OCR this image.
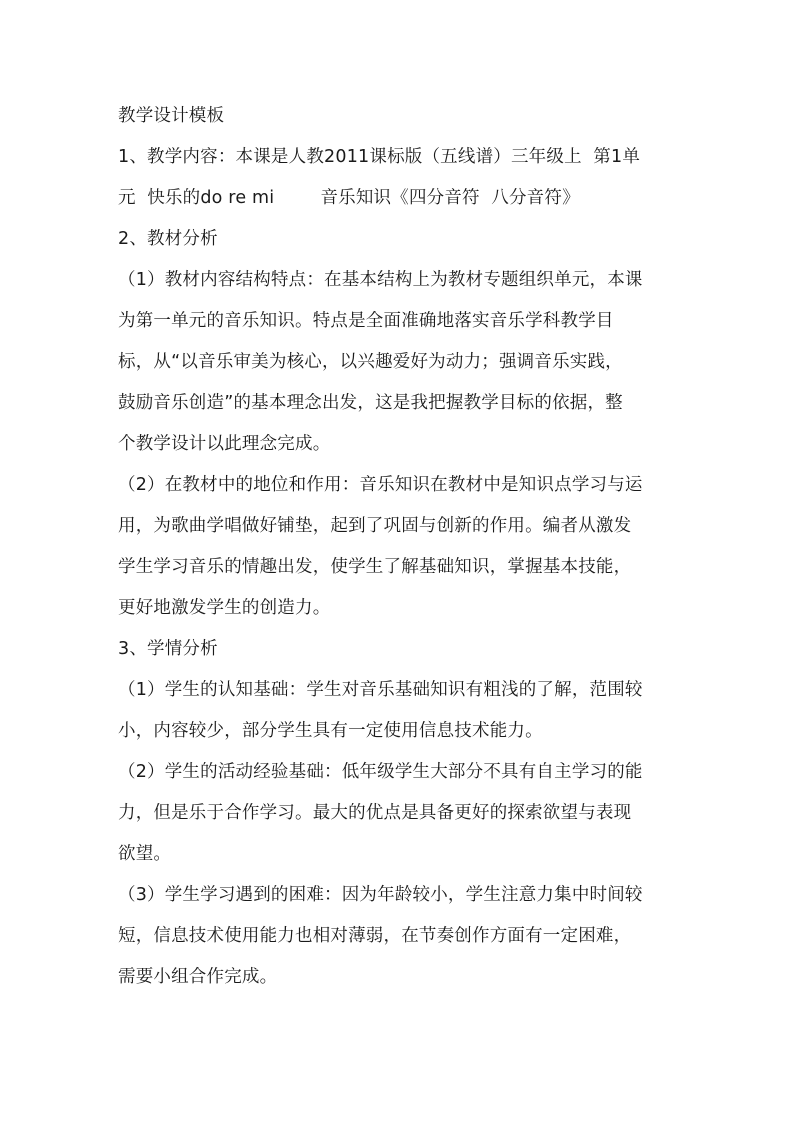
教学设计模板
1、教学内容：本课是人教2011课标版（五线谱）三年级上  第1单
元  快乐的do re mi        音乐知识《四分音符  八分音符》
2、教材分析
（1）教材内容结构特点：在基本结构上为教材专题组织单元，本课
为第一单元的音乐知识。特点是全面准确地落实音乐学科教学目
标，从“以音乐审美为核心，以兴趣爱好为动力；强调音乐实践，
鼓励音乐创造”的基本理念出发，这是我把握教学目标的依据，整
个教学设计以此理念完成。
（2）在教材中的地位和作用：音乐知识在教材中是知识点学习与运
用，为歌曲学唱做好铺垫，起到了巩固与创新的作用。编者从激发
学生学习音乐的情趣出发，使学生了解基础知识，掌握基本技能，
更好地激发学生的创造力。
3、学情分析
（1）学生的认知基础：学生对音乐基础知识有粗浅的了解，范围较
小，内容较少，部分学生具有一定使用信息技术能力。
（2）学生的活动经验基础：低年级学生大部分不具有自主学习的能
力，但是乐于合作学习。最大的优点是具备更好的探索欲望与表现
欲望。
（3）学生学习遇到的困难：因为年龄较小，学生注意力集中时间较
短，信息技术使用能力也相对薄弱，在节奏创作方面有一定困难，
需要小组合作完成。
